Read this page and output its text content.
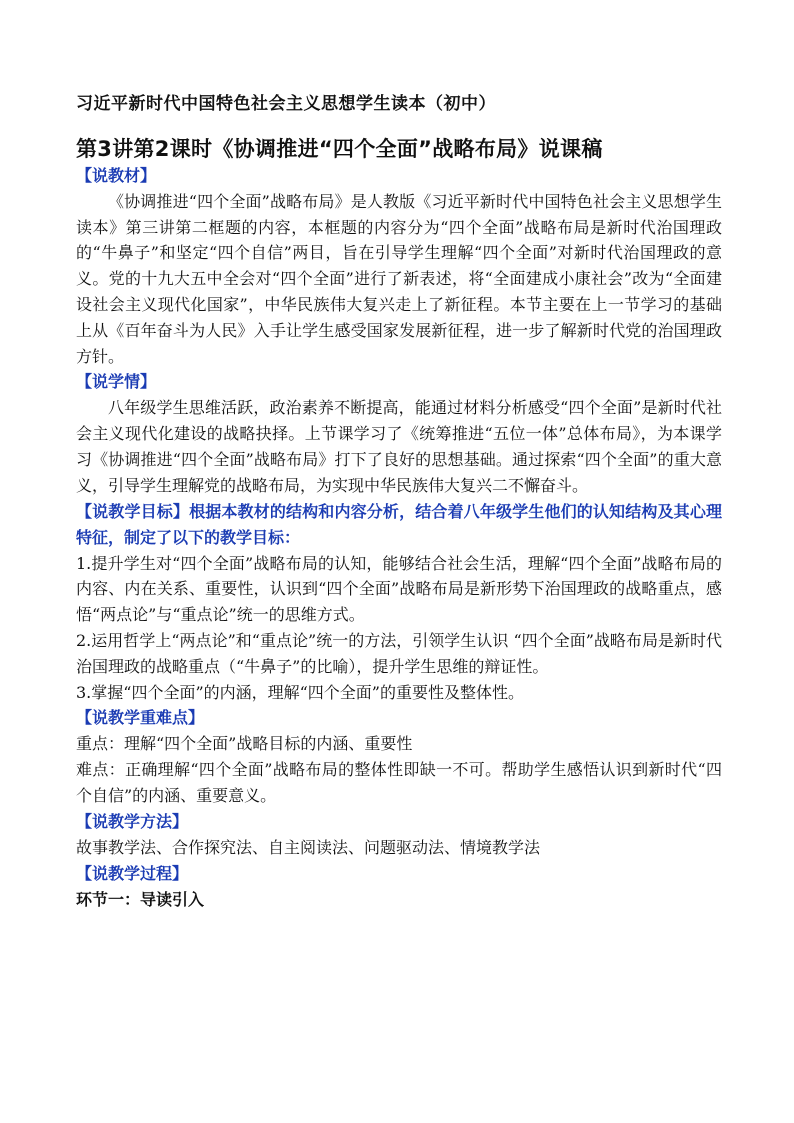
习近平新时代中国特色社会主义思想学生读本（初中）
第3讲第2课时《协调推进“四个全面”战略布局》说课稿
【说教材】

《协调推进“四个全面”战略布局》是人教版《习近平新时代中国特色社会主义思想学生读本》第三讲第二框题的内容，本框题的内容分为“四个全面”战略布局是新时代治国理政的“牛鼻子”和坚定“四个自信”两目，旨在引导学生理解“四个全面”对新时代治国理政的意义。党的十九大五中全会对“四个全面”进行了新表述，将“全面建成小康社会”改为“全面建设社会主义现代化国家”，中华民族伟大复兴走上了新征程。本节主要在上一节学习的基础上从《百年奋斗为人民》入手让学生感受国家发展新征程，进一步了解新时代党的治国理政方针。

【说学情】

八年级学生思维活跃，政治素养不断提高，能通过材料分析感受“四个全面”是新时代社会主义现代化建设的战略抉择。上节课学习了《统筹推进“五位一体”总体布局》，为本课学习《协调推进“四个全面”战略布局》打下了良好的思想基础。通过探索“四个全面”的重大意义，引导学生理解党的战略布局，为实现中华民族伟大复兴二不懈奋斗。

【说教学目标】根据本教材的结构和内容分析，结合着八年级学生他们的认知结构及其心理特征，制定了以下的教学目标：

1.提升学生对“四个全面”战略布局的认知，能够结合社会生活，理解“四个全面”战略布局的内容、内在关系、重要性，认识到“四个全面”战略布局是新形势下治国理政的战略重点，感悟“两点论”与“重点论”统一的思维方式。

2.运用哲学上“两点论”和“重点论”统一的方法，引领学生认识 “四个全面”战略布局是新时代治国理政的战略重点（“牛鼻子”的比喻），提升学生思维的辩证性。

3.掌握“四个全面”的内涵，理解“四个全面”的重要性及整体性。

【说教学重难点】

重点：理解“四个全面”战略目标的内涵、重要性

难点：正确理解“四个全面”战略布局的整体性即缺一不可。帮助学生感悟认识到新时代“四个自信”的内涵、重要意义。

【说教学方法】

故事教学法、合作探究法、自主阅读法、问题驱动法、情境教学法

【说教学过程】

环节一：导读引入
